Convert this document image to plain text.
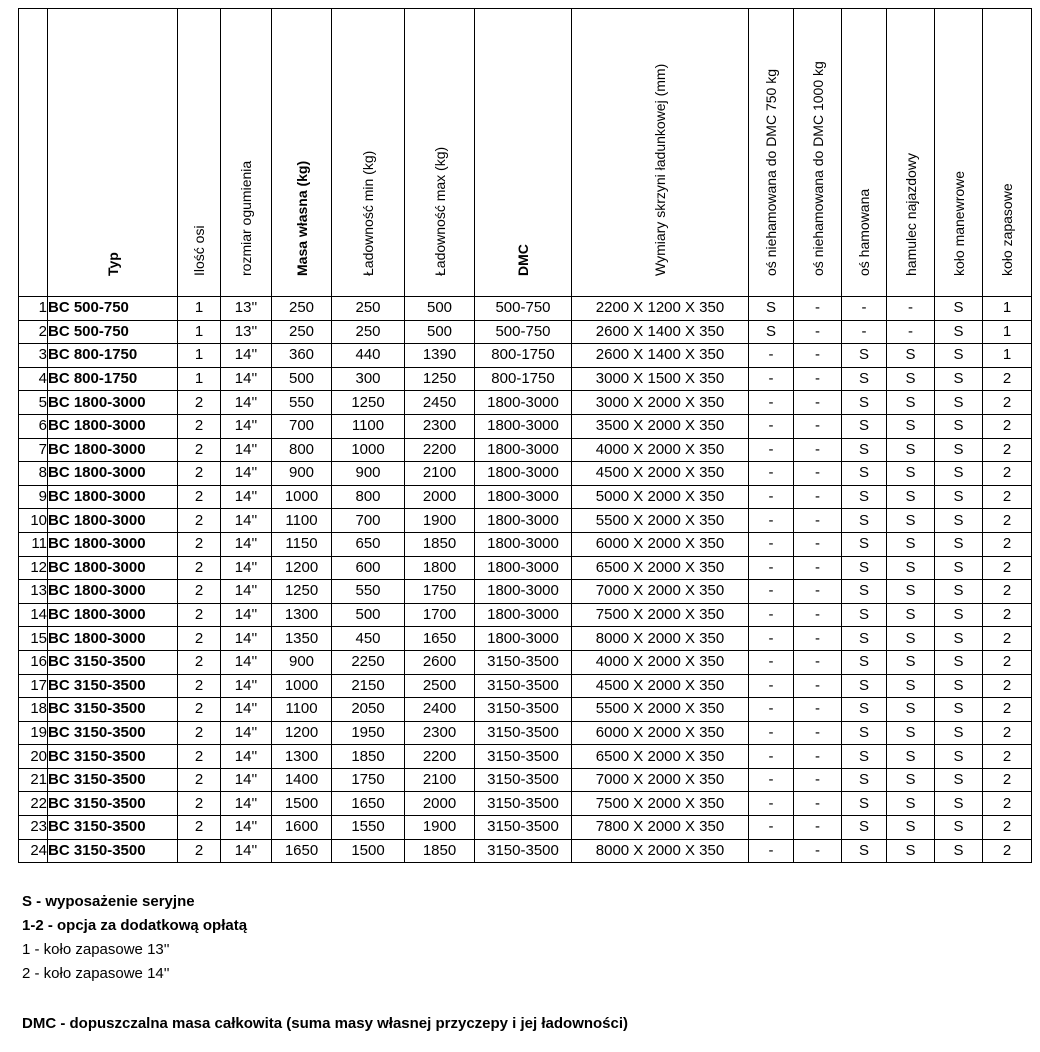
	Typ	Ilość osi	rozmiar ogumienia	Masa własna (kg)	Ładowność min (kg)	Ładowność max (kg)	DMC	Wymiary skrzyni ładunkowej (mm)	oś niehamowana do DMC 750 kg	oś niehamowana do DMC 1000 kg	oś hamowana	hamulec najazdowy	koło manewrowe	koło zapasowe

1	BC 500-750	1	13''	250	250	500	500-750	2200 X 1200 X 350	S	-	-	-	S	1
2	BC 500-750	1	13''	250	250	500	500-750	2600 X 1400 X 350	S	-	-	-	S	1
3	BC 800-1750	1	14''	360	440	1390	800-1750	2600 X 1400 X 350	-	-	S	S	S	1
4	BC 800-1750	1	14''	500	300	1250	800-1750	3000 X 1500 X 350	-	-	S	S	S	2
5	BC 1800-3000	2	14''	550	1250	2450	1800-3000	3000 X 2000 X 350	-	-	S	S	S	2
6	BC 1800-3000	2	14''	700	1100	2300	1800-3000	3500 X 2000 X 350	-	-	S	S	S	2
7	BC 1800-3000	2	14''	800	1000	2200	1800-3000	4000 X 2000 X 350	-	-	S	S	S	2
8	BC 1800-3000	2	14''	900	900	2100	1800-3000	4500 X 2000 X 350	-	-	S	S	S	2
9	BC 1800-3000	2	14''	1000	800	2000	1800-3000	5000 X 2000 X 350	-	-	S	S	S	2
10	BC 1800-3000	2	14''	1100	700	1900	1800-3000	5500 X 2000 X 350	-	-	S	S	S	2
11	BC 1800-3000	2	14''	1150	650	1850	1800-3000	6000 X 2000 X 350	-	-	S	S	S	2
12	BC 1800-3000	2	14''	1200	600	1800	1800-3000	6500 X 2000 X 350	-	-	S	S	S	2
13	BC 1800-3000	2	14''	1250	550	1750	1800-3000	7000 X 2000 X 350	-	-	S	S	S	2
14	BC 1800-3000	2	14''	1300	500	1700	1800-3000	7500 X 2000 X 350	-	-	S	S	S	2
15	BC 1800-3000	2	14''	1350	450	1650	1800-3000	8000 X 2000 X 350	-	-	S	S	S	2
16	BC 3150-3500	2	14''	900	2250	2600	3150-3500	4000 X 2000 X 350	-	-	S	S	S	2
17	BC 3150-3500	2	14''	1000	2150	2500	3150-3500	4500 X 2000 X 350	-	-	S	S	S	2
18	BC 3150-3500	2	14''	1100	2050	2400	3150-3500	5500 X 2000 X 350	-	-	S	S	S	2
19	BC 3150-3500	2	14''	1200	1950	2300	3150-3500	6000 X 2000 X 350	-	-	S	S	S	2
20	BC 3150-3500	2	14''	1300	1850	2200	3150-3500	6500 X 2000 X 350	-	-	S	S	S	2
21	BC 3150-3500	2	14''	1400	1750	2100	3150-3500	7000 X 2000 X 350	-	-	S	S	S	2
22	BC 3150-3500	2	14''	1500	1650	2000	3150-3500	7500 X 2000 X 350	-	-	S	S	S	2
23	BC 3150-3500	2	14''	1600	1550	1900	3150-3500	7800 X 2000 X 350	-	-	S	S	S	2
24	BC 3150-3500	2	14''	1650	1500	1850	3150-3500	8000 X 2000 X 350	-	-	S	S	S	2
S - wyposażenie seryjne
1-2 - opcja za dodatkową opłatą
1 - koło zapasowe 13''
2 - koło zapasowe 14''
DMC - dopuszczalna masa całkowita (suma masy własnej przyczepy i jej ładowności)
